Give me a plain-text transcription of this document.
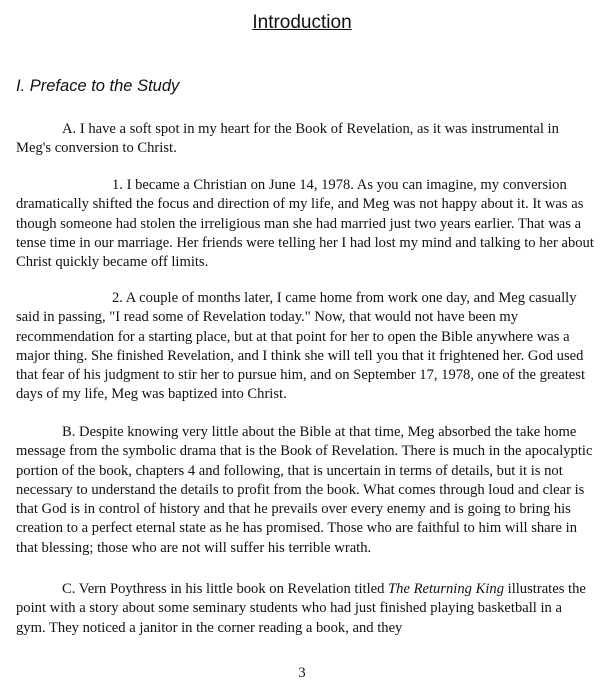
Introduction
I. Preface to the Study
A. I have a soft spot in my heart for the Book of Revelation, as it was instrumental in Meg's conversion to Christ.
1. I became a Christian on June 14, 1978. As you can imagine, my conversion dramatically shifted the focus and direction of my life, and Meg was not happy about it. It was as though someone had stolen the irreligious man she had married just two years earlier. That was a tense time in our marriage. Her friends were telling her I had lost my mind and talking to her about Christ quickly became off limits.
2. A couple of months later, I came home from work one day, and Meg casually said in passing, "I read some of Revelation today." Now, that would not have been my recommendation for a starting place, but at that point for her to open the Bible anywhere was a major thing. She finished Revelation, and I think she will tell you that it frightened her. God used that fear of his judgment to stir her to pursue him, and on September 17, 1978, one of the greatest days of my life, Meg was baptized into Christ.
B. Despite knowing very little about the Bible at that time, Meg absorbed the take home message from the symbolic drama that is the Book of Revelation. There is much in the apocalyptic portion of the book, chapters 4 and following, that is uncertain in terms of details, but it is not necessary to understand the details to profit from the book. What comes through loud and clear is that God is in control of history and that he prevails over every enemy and is going to bring his creation to a perfect eternal state as he has promised. Those who are faithful to him will share in that blessing; those who are not will suffer his terrible wrath.
C. Vern Poythress in his little book on Revelation titled The Returning King illustrates the point with a story about some seminary students who had just finished playing basketball in a gym. They noticed a janitor in the corner reading a book, and they
3
